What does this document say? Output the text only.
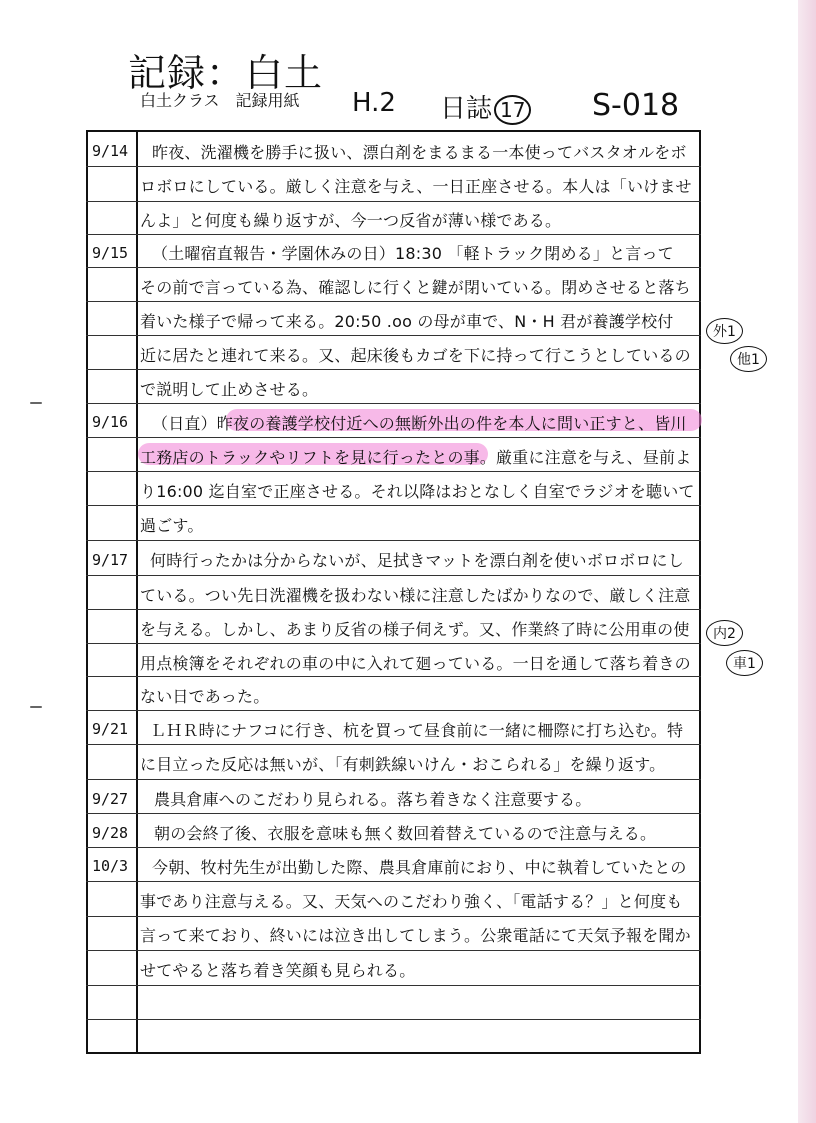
記録：白土
白土クラス　記録用紙 H.2 日誌 17 S-018
9/14	昨夜、洗濯機を勝手に扱い、漂白剤をまるまる一本使ってバスタオルをボ
ロボロにしている。厳しく注意を与え、一日正座させる。本人は「いけませ
んよ」と何度も繰り返すが、今一つ反省が薄い様である。
9/15	（土曜宿直報告・学園休みの日）18:30 「軽トラック閉める」と言って
その前で言っている為、確認しに行くと鍵が閉いている。閉めさせると落ち
着いた様子で帰って来る。20:50 .oo の母が車で、N・H 君が養護学校付
近に居たと連れて来る。又、起床後もカゴを下に持って行こうとしているの
で説明して止めさせる。
9/16	（日直）昨夜の養護学校付近への無断外出の件を本人に問い正すと、皆川
工務店のトラックやリフトを見に行ったとの事。厳重に注意を与え、昼前よ
り16:00 迄自室で正座させる。それ以降はおとなしく自室でラジオを聴いて
過ごす。
9/17	何時行ったかは分からないが、足拭きマットを漂白剤を使いボロボロにし
ている。つい先日洗濯機を扱わない様に注意したばかりなので、厳しく注意
を与える。しかし、あまり反省の様子伺えず。又、作業終了時に公用車の使
用点検簿をそれぞれの車の中に入れて廻っている。一日を通して落ち着きの
ない日であった。
9/21	ＬＨＲ時にナフコに行き、杭を買って昼食前に一緒に柵際に打ち込む。特
に目立った反応は無いが、「有刺鉄線いけん・おこられる」を繰り返す。
9/27	農具倉庫へのこだわり見られる。落ち着きなく注意要する。
9/28	朝の会終了後、衣服を意味も無く数回着替えているので注意与える。
10/3	今朝、牧村先生が出勤した際、農具倉庫前におり、中に執着していたとの
事であり注意与える。又、天気へのこだわり強く、「電話する？」と何度も
言って来ており、終いには泣き出してしまう。公衆電話にて天気予報を聞か
せてやると落ち着き笑顔も見られる。
外1
他1
内2
車1
